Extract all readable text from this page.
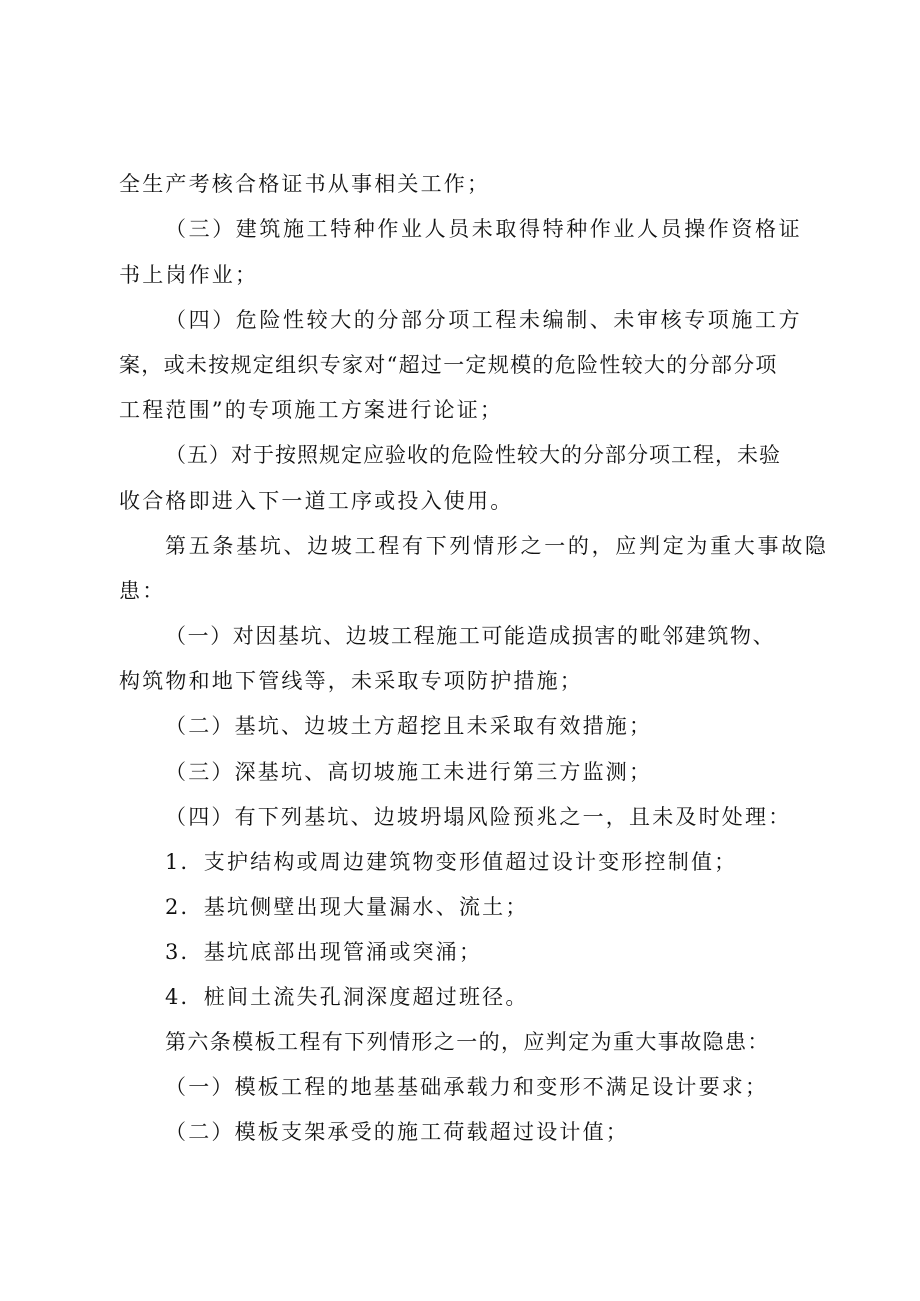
全生产考核合格证书从事相关工作；

（三）建筑施工特种作业人员未取得特种作业人员操作资格证

书上岗作业；

（四）危险性较大的分部分项工程未编制、未审核专项施工方

案，或未按规定组织专家对“超过一定规模的危险性较大的分部分项

工程范围”的专项施工方案进行论证；

（五）对于按照规定应验收的危险性较大的分部分项工程，未验

收合格即进入下一道工序或投入使用。

第五条基坑、边坡工程有下列情形之一的，应判定为重大事故隐

患：

（一）对因基坑、边坡工程施工可能造成损害的毗邻建筑物、

构筑物和地下管线等，未采取专项防护措施；

（二）基坑、边坡土方超挖且未采取有效措施；

（三）深基坑、高切坡施工未进行第三方监测；

（四）有下列基坑、边坡坍塌风险预兆之一，且未及时处理：

1．支护结构或周边建筑物变形值超过设计变形控制值；

2．基坑侧壁出现大量漏水、流土；

3．基坑底部出现管涌或突涌；

4．桩间土流失孔洞深度超过班径。

第六条模板工程有下列情形之一的，应判定为重大事故隐患：

（一）模板工程的地基基础承载力和变形不满足设计要求；

（二）模板支架承受的施工荷载超过设计值；
